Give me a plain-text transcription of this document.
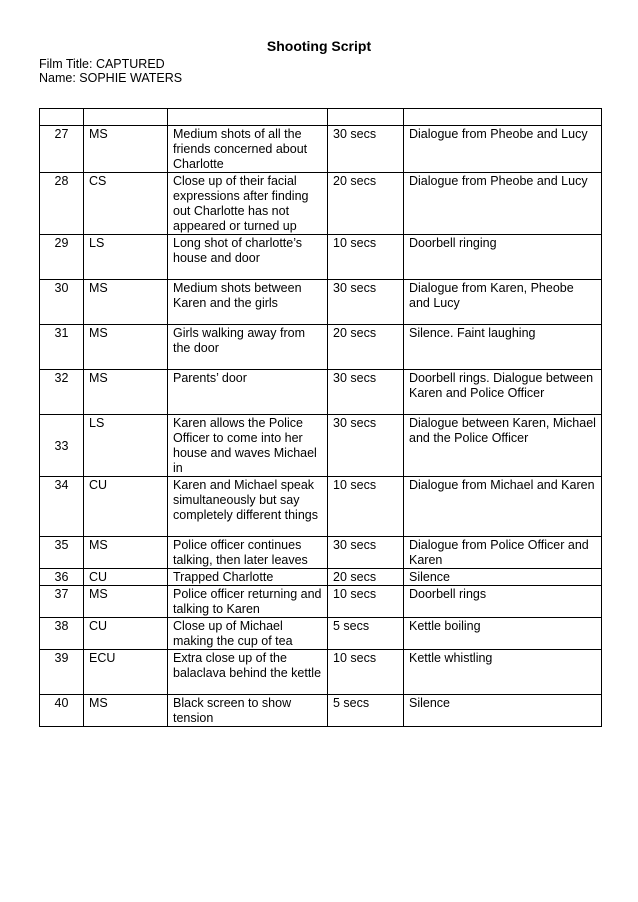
Shooting Script
Film Title: CAPTURED
Name: SOPHIE WATERS

27	MS	Medium shots of all the friends concerned about Charlotte	30 secs	Dialogue from Pheobe and Lucy
28	CS	Close up of their facial expressions after finding out Charlotte has not appeared or turned up	20 secs	Dialogue from Pheobe and Lucy
29	LS	Long shot of charlotte’s house and door	10 secs	Doorbell ringing
30	MS	Medium shots between Karen and the girls	30 secs	Dialogue from Karen, Pheobe and Lucy
31	MS	Girls walking away from the door	20 secs	Silence. Faint laughing
32	MS	Parents’ door	30 secs	Doorbell rings. Dialogue between Karen and Police Officer
33	LS	Karen allows the Police Officer to come into her house and waves Michael in	30 secs	Dialogue between Karen, Michael and the Police Officer
34	CU	Karen and Michael speak simultaneously but say completely different things	10 secs	Dialogue from Michael and Karen
35	MS	Police officer continues talking, then later leaves	30 secs	Dialogue from Police Officer and Karen
36	CU	Trapped Charlotte	20 secs	Silence
37	MS	Police officer returning and talking to Karen	10 secs	Doorbell rings
38	CU	Close up of Michael making the cup of tea	5 secs	Kettle boiling
39	ECU	Extra close up of the balaclava behind the kettle	10 secs	Kettle whistling
40	MS	Black screen to show tension	5 secs	Silence
